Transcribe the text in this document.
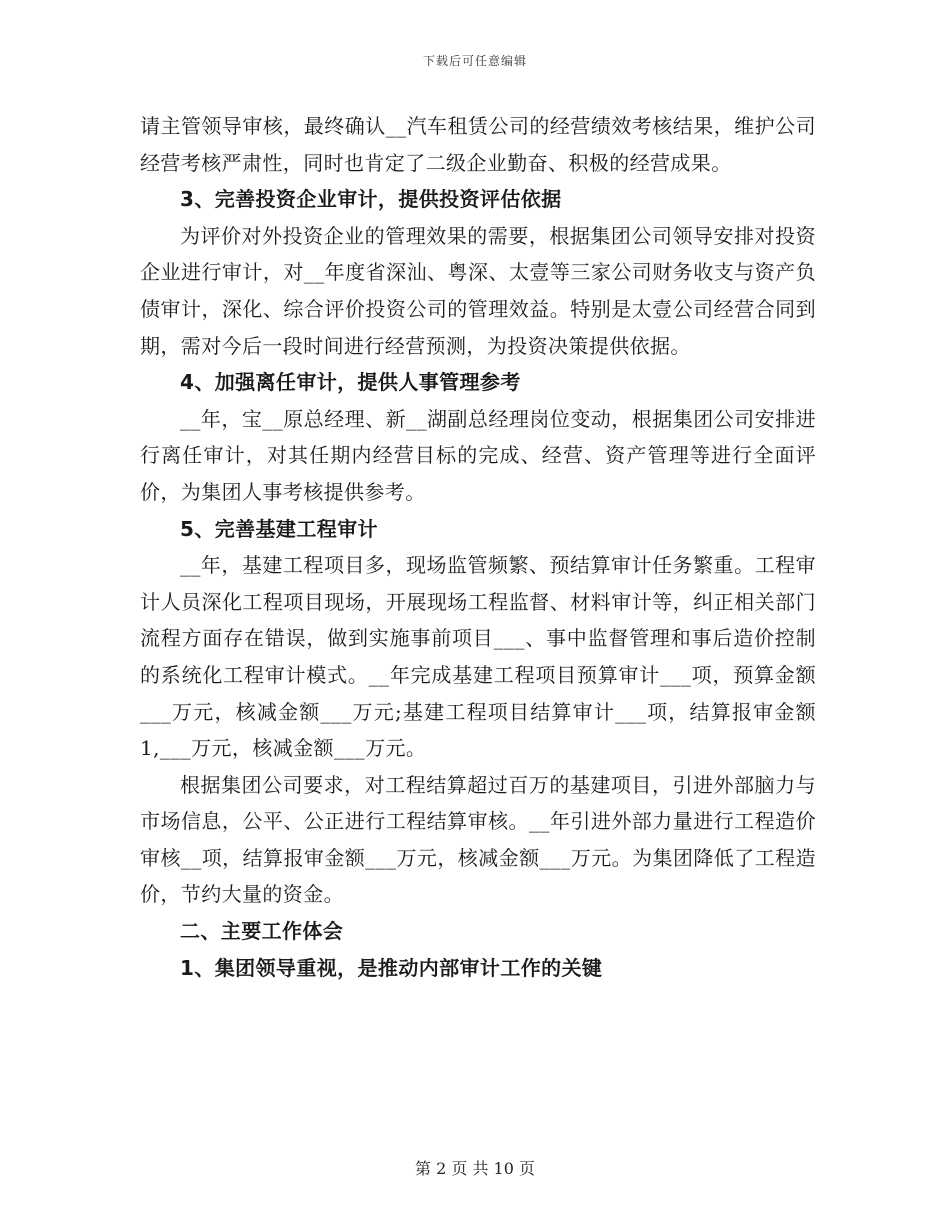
下载后可任意编辑

请主管领导审核，最终确认__汽车租赁公司的经营绩效考核结果，维护公司经营考核严肃性，同时也肯定了二级企业勤奋、积极的经营成果。

3、完善投资企业审计，提供投资评估依据

为评价对外投资企业的管理效果的需要，根据集团公司领导安排对投资企业进行审计，对__年度省深汕、粤深、太壹等三家公司财务收支与资产负债审计，深化、综合评价投资公司的管理效益。特别是太壹公司经营合同到期，需对今后一段时间进行经营预测，为投资决策提供依据。

4、加强离任审计，提供人事管理参考

__年，宝__原总经理、新__湖副总经理岗位变动，根据集团公司安排进行离任审计，对其任期内经营目标的完成、经营、资产管理等进行全面评价，为集团人事考核提供参考。

5、完善基建工程审计

__年，基建工程项目多，现场监管频繁、预结算审计任务繁重。工程审计人员深化工程项目现场，开展现场工程监督、材料审计等，纠正相关部门流程方面存在错误，做到实施事前项目___、事中监督管理和事后造价控制的系统化工程审计模式。__年完成基建工程项目预算审计___项，预算金额___万元，核减金额___万元;基建工程项目结算审计___项，结算报审金额1,___万元，核减金额___万元。

根据集团公司要求，对工程结算超过百万的基建项目，引进外部脑力与市场信息，公平、公正进行工程结算审核。__年引进外部力量进行工程造价审核__项，结算报审金额___万元，核减金额___万元。为集团降低了工程造价，节约大量的资金。

二、主要工作体会

1、集团领导重视，是推动内部审计工作的关键

第 2 页 共 10 页
